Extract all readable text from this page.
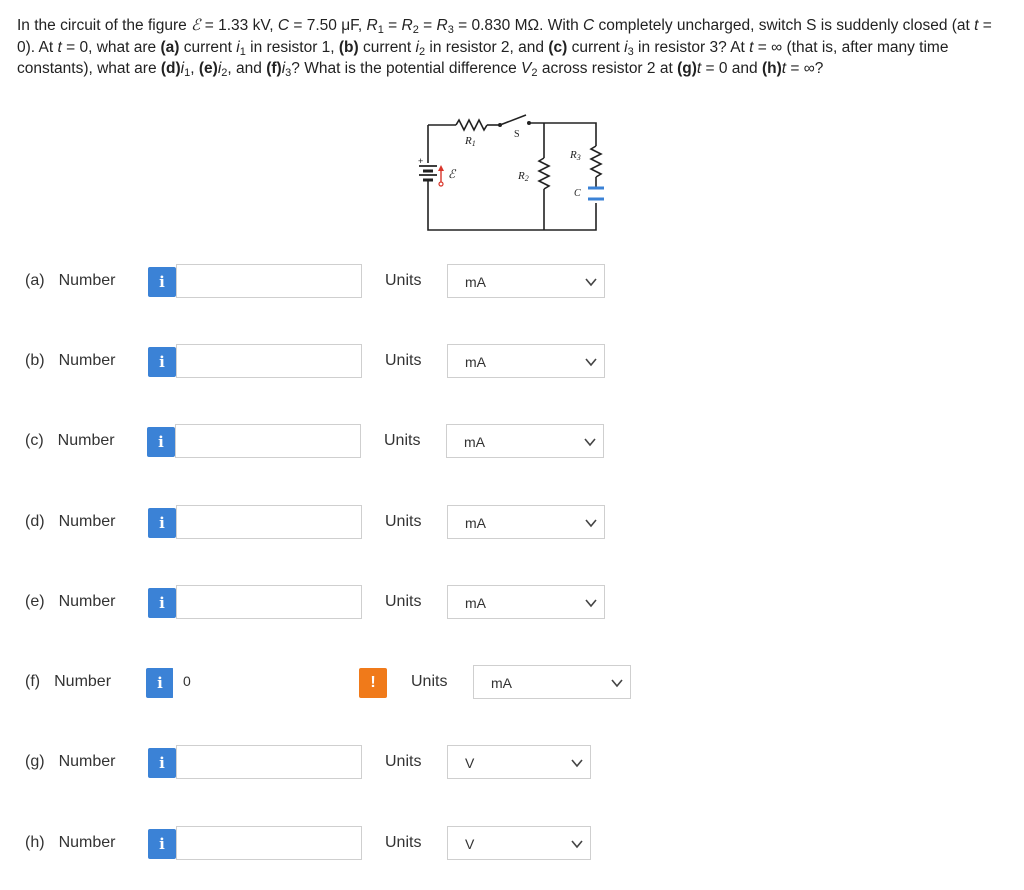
In the circuit of the figure ℰ = 1.33 kV, C = 7.50 μF, $R_1 = R_2 = R_3 = 0.830$ MΩ. With C completely uncharged, switch S is suddenly closed (at t = 0). At t = 0, what are (a) current $i_1$ in resistor 1, (b) current $i_2$ in resistor 2, and (c) current $i_3$ in resistor 3? At t = ∞ (that is, after many time constants), what are $(d)i_1$, $(e)i_2$, and $(f)i_3$? What is the potential difference $V_2$ across resistor 2 at (g)t = 0 and (h)t = ∞?
+
R1
S
ℰ	R2
R3
C
(a) Number	i	Units	mA
(b) Number	i	Units	mA
(c) Number	i	Units	mA
(d) Number	i	Units	mA
(e) Number	i	Units	mA
(f) Number	i	0	!	Units	mA
(g) Number	i	Units	V
(h) Number	i	Units	V
